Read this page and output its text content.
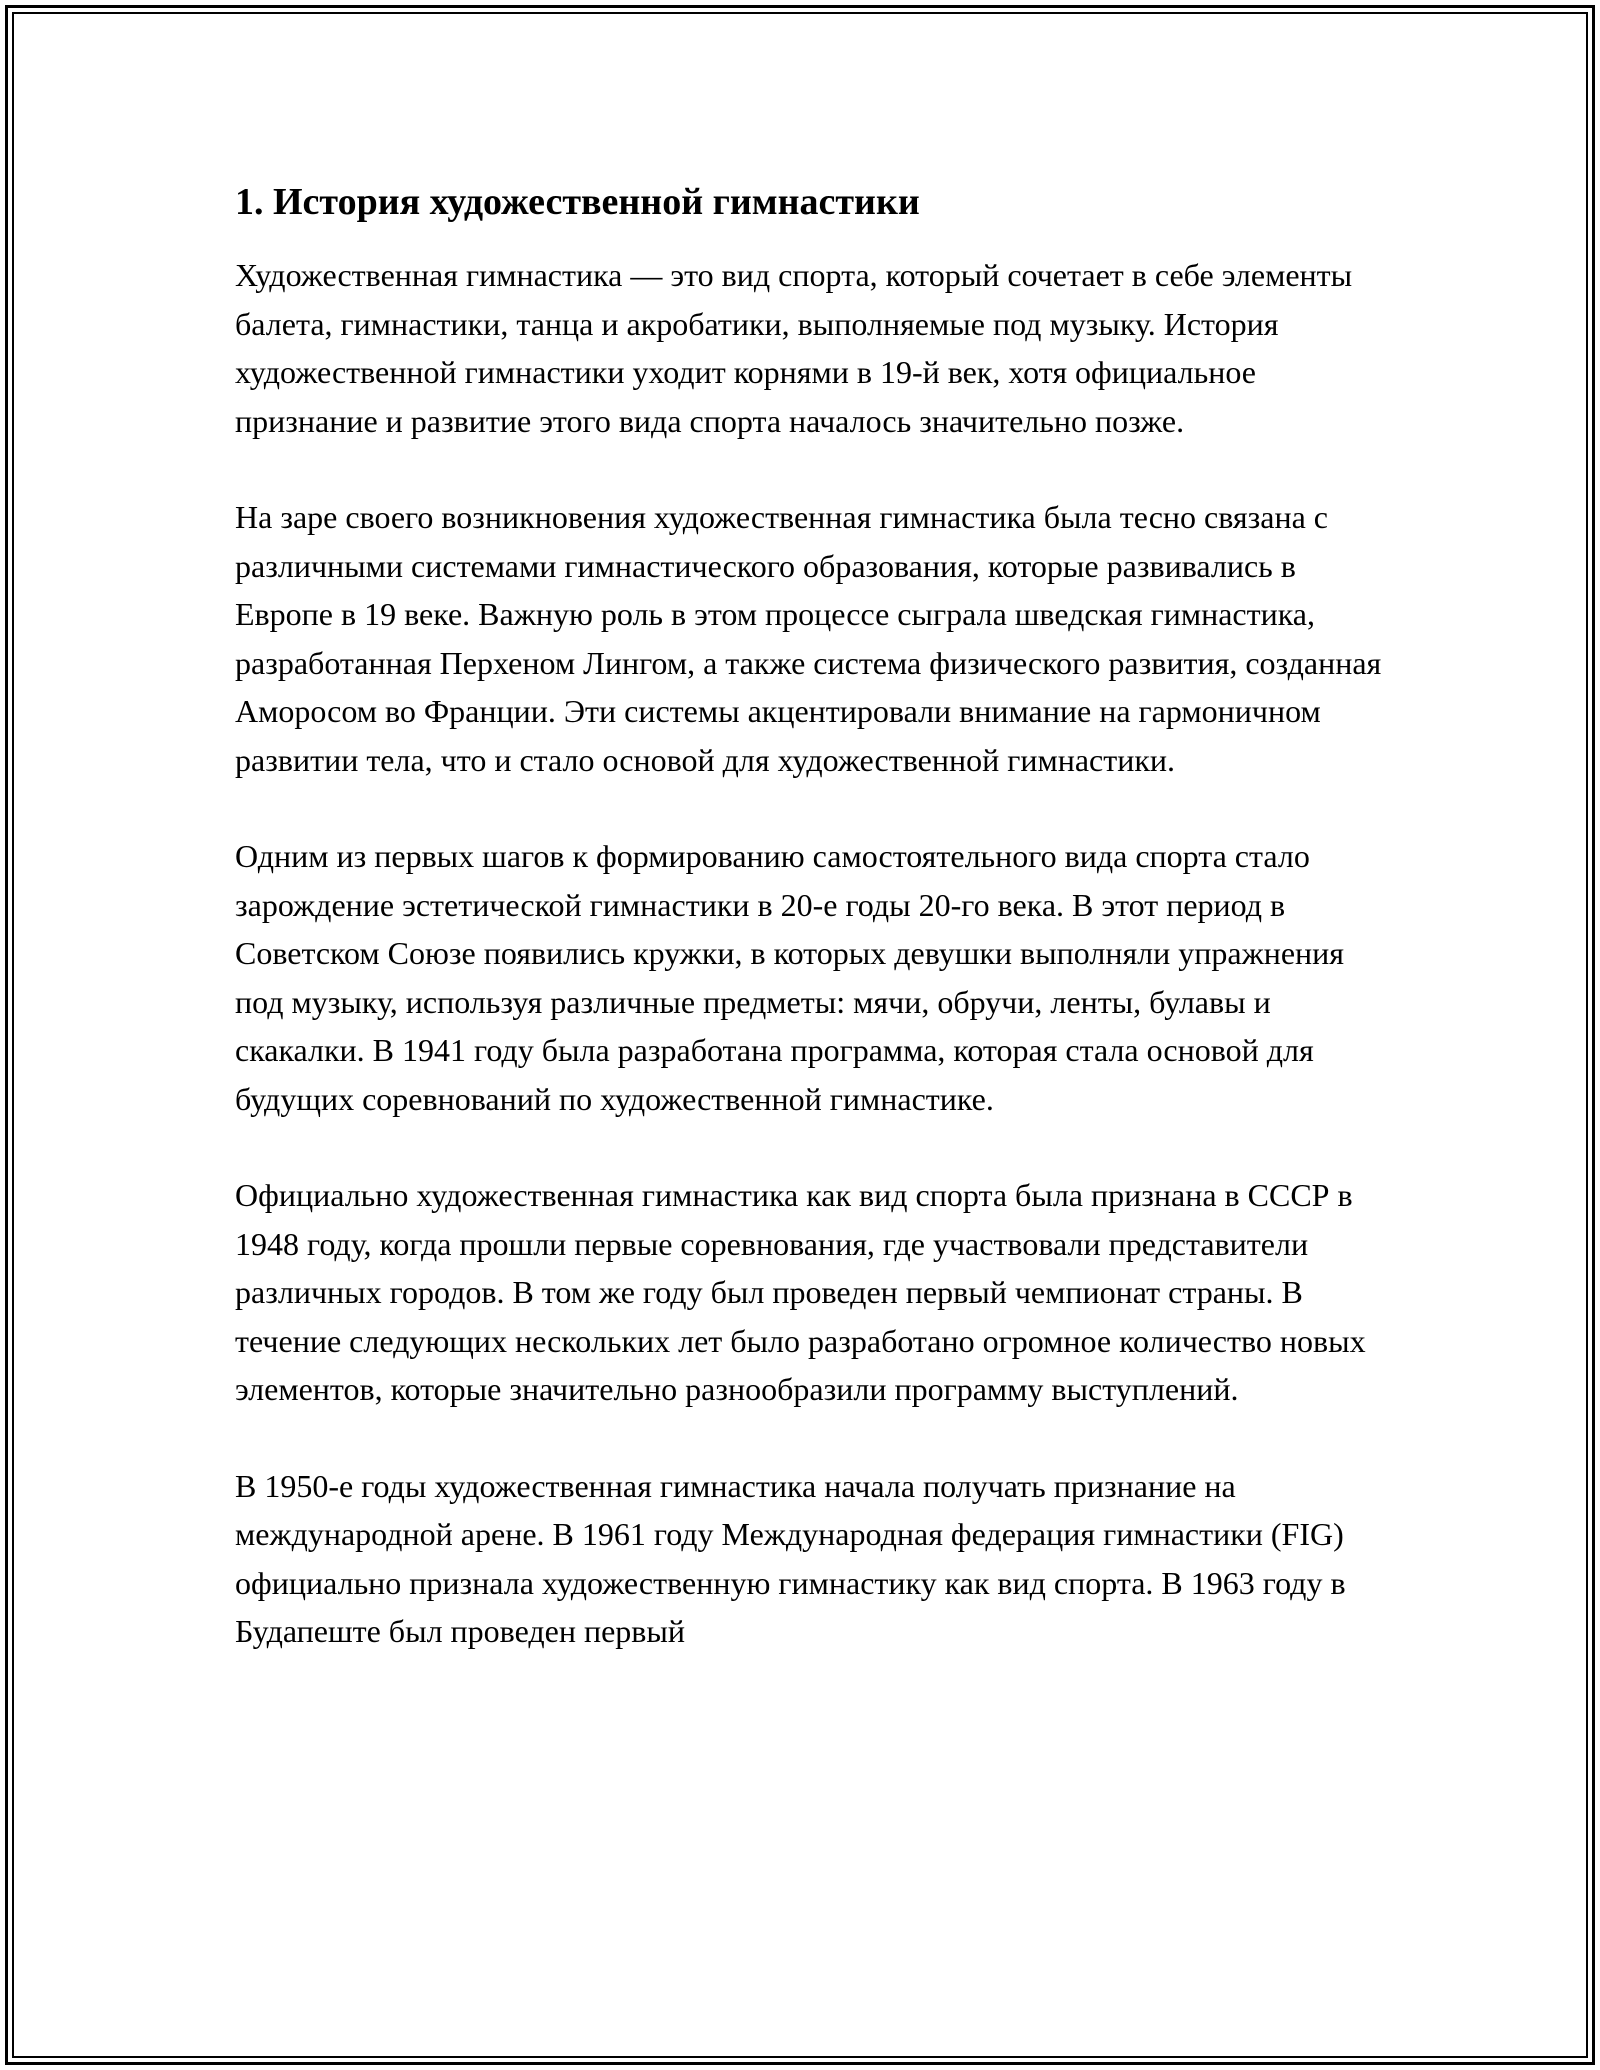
1. История художественной гимнастики

Художественная гимнастика — это вид спорта, который сочетает в себе элементы балета, гимнастики, танца и акробатики, выполняемые под музыку. История художественной гимнастики уходит корнями в 19-й век, хотя официальное признание и развитие этого вида спорта началось значительно позже.

На заре своего возникновения художественная гимнастика была тесно связана с различными системами гимнастического образования, которые развивались в Европе в 19 веке. Важную роль в этом процессе сыграла шведская гимнастика, разработанная Перхеном Лингом, а также система физического развития, созданная Аморосом во Франции. Эти системы акцентировали внимание на гармоничном развитии тела, что и стало основой для художественной гимнастики.

Одним из первых шагов к формированию самостоятельного вида спорта стало зарождение эстетической гимнастики в 20-е годы 20-го века. В этот период в Советском Союзе появились кружки, в которых девушки выполняли упражнения под музыку, используя различные предметы: мячи, обручи, ленты, булавы и скакалки. В 1941 году была разработана программа, которая стала основой для будущих соревнований по художественной гимнастике.

Официально художественная гимнастика как вид спорта была признана в СССР в 1948 году, когда прошли первые соревнования, где участвовали представители различных городов. В том же году был проведен первый чемпионат страны. В течение следующих нескольких лет было разработано огромное количество новых элементов, которые значительно разнообразили программу выступлений.

В 1950-е годы художественная гимнастика начала получать признание на международной арене. В 1961 году Международная федерация гимнастики (FIG) официально признала художественную гимнастику как вид спорта. В 1963 году в Будапеште был проведен первый
